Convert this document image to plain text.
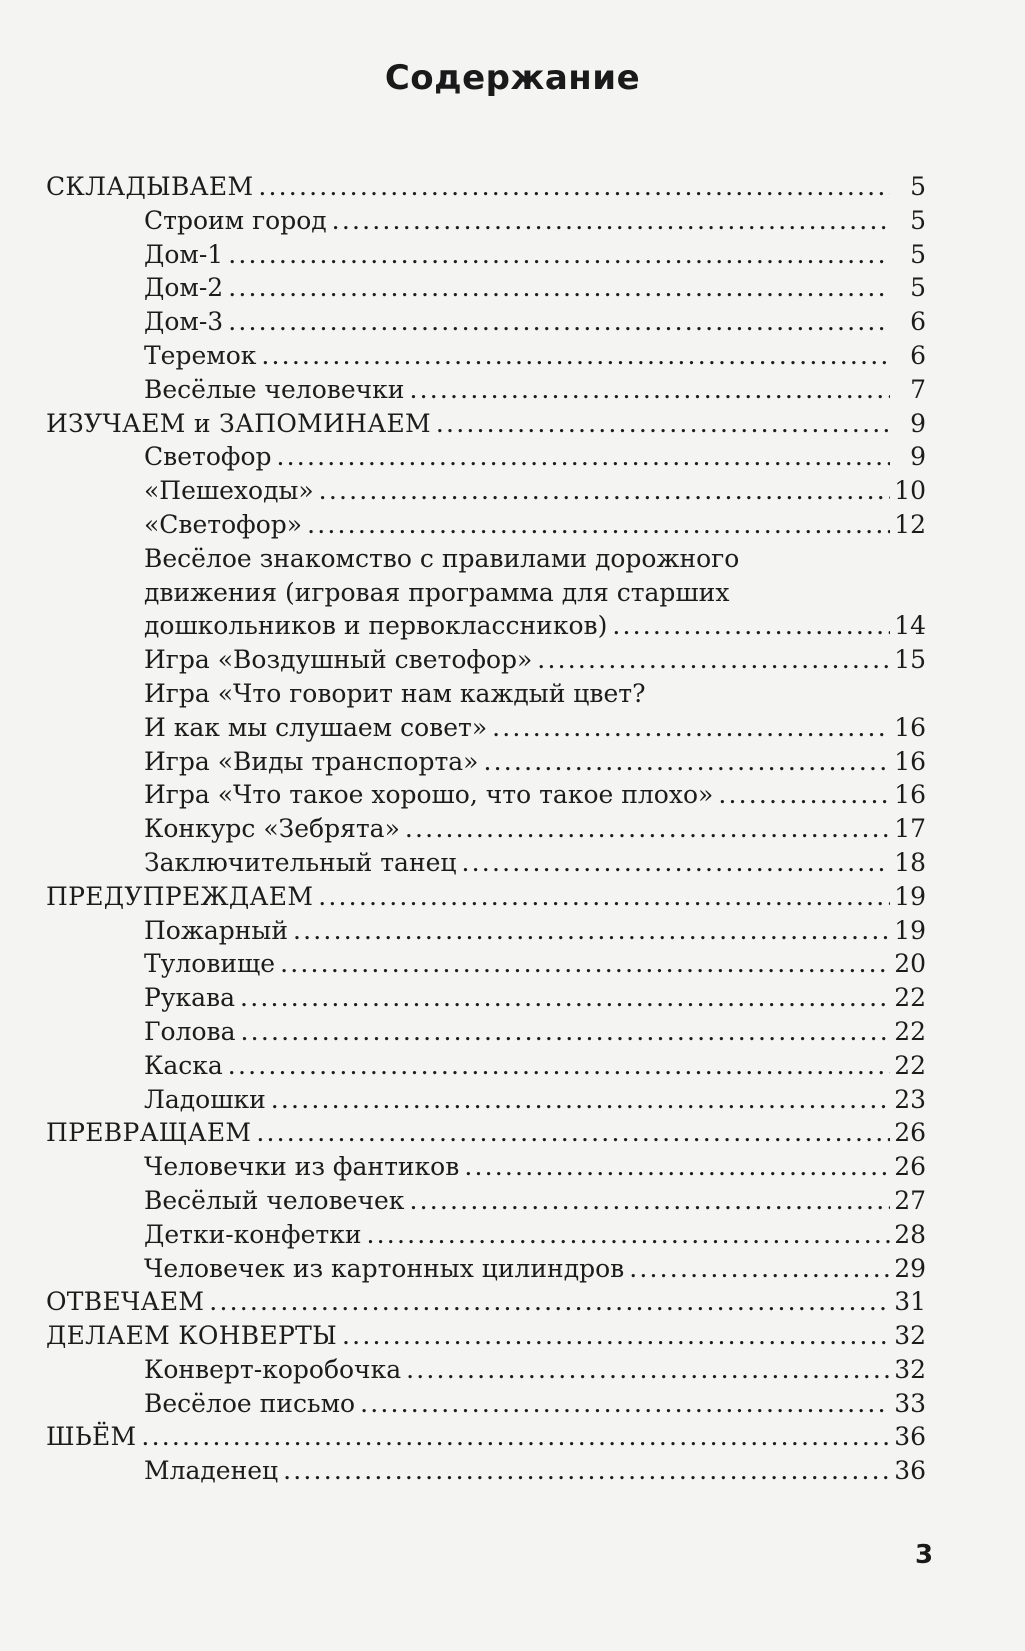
Содержание
СКЛАДЫВАЕМ .....	5
Строим город .....	5
Дом-1 .....	5
Дом-2 .....	5
Дом-3 .....	6
Теремок .....	6
Весёлые человечки .....	7
ИЗУЧАЕМ и ЗАПОМИНАЕМ .....	9
Светофор .....	9
«Пешеходы» .....	10
«Светофор» .....	12
Весёлое знакомство с правилами дорожного
движения (игровая программа для старших
дошкольников и первоклассников) .....	14
Игра «Воздушный светофор» .....	15
Игра «Что говорит нам каждый цвет?
И как мы слушаем совет» .....	16
Игра «Виды транспорта» .....	16
Игра «Что такое хорошо, что такое плохо» .....	16
Конкурс «Зебрята» .....	17
Заключительный танец .....	18
ПРЕДУПРЕЖДАЕМ .....	19
Пожарный .....	19
Туловище .....	20
Рукава .....	22
Голова .....	22
Каска .....	22
Ладошки .....	23
ПРЕВРАЩАЕМ .....	26
Человечки из фантиков .....	26
Весёлый человечек .....	27
Детки-конфетки .....	28
Человечек из картонных цилиндров .....	29
ОТВЕЧАЕМ .....	31
ДЕЛАЕМ КОНВЕРТЫ .....	32
Конверт-коробочка .....	32
Весёлое письмо .....	33
ШЬЁМ .....	36
Младенец .....	36
3
